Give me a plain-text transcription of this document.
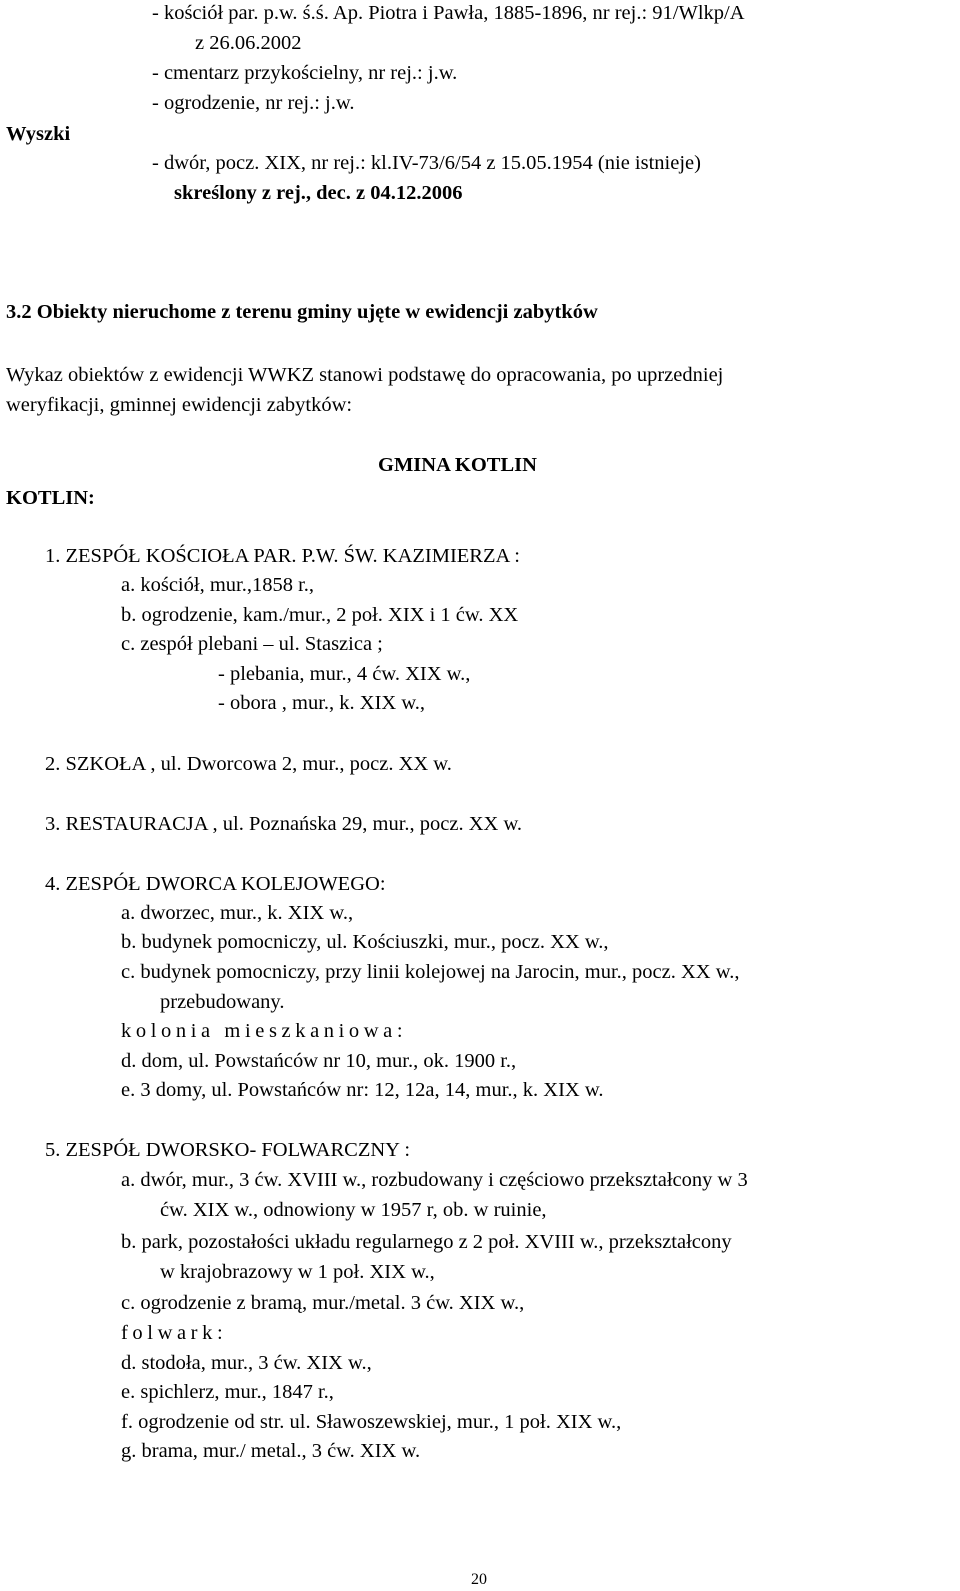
Wyszki
- kościół par. p.w. ś.ś. Ap. Piotra i Pawła, 1885-1896, nr rej.: 91/Wlkp/A
z 26.06.2002
- cmentarz przykościelny, nr rej.: j.w.
- ogrodzenie, nr rej.: j.w.
- dwór, pocz. XIX, nr rej.: kl.IV-73/6/54 z 15.05.1954 (nie istnieje)
skreślony z rej., dec. z 04.12.2006
3.2 Obiekty nieruchome z terenu gminy ujęte w ewidencji zabytków
Wykaz obiektów z ewidencji WWKZ stanowi podstawę do opracowania, po uprzedniej
weryfikacji, gminnej ewidencji zabytków:
GMINA KOTLIN
KOTLIN:
1. ZESPÓŁ KOŚCIOŁA PAR. P.W. ŚW. KAZIMIERZA :
a. kościół, mur.,1858 r.,
b. ogrodzenie, kam./mur., 2 poł. XIX i 1 ćw. XX
c. zespół plebani – ul. Staszica ;
- plebania, mur., 4 ćw. XIX w.,
- obora , mur., k. XIX w.,
2. SZKOŁA , ul. Dworcowa 2, mur., pocz. XX w.
3. RESTAURACJA , ul. Poznańska 29, mur., pocz. XX w.
4. ZESPÓŁ DWORCA KOLEJOWEGO:
a. dworzec, mur., k. XIX w.,
b. budynek pomocniczy, ul. Kościuszki, mur., pocz. XX w.,
c. budynek pomocniczy, przy linii kolejowej na Jarocin, mur., pocz. XX w.,
przebudowany.
kolonia mieszkaniowa:
d. dom, ul. Powstańców nr 10, mur., ok. 1900 r.,
e. 3 domy, ul. Powstańców nr: 12, 12a, 14, mur., k. XIX w.
5. ZESPÓŁ DWORSKO- FOLWARCZNY :
a. dwór, mur., 3 ćw. XVIII w., rozbudowany i częściowo przekształcony w 3
ćw. XIX w., odnowiony w 1957 r, ob. w ruinie,
b. park, pozostałości układu regularnego z 2 poł. XVIII w., przekształcony
w krajobrazowy w 1 poł. XIX w.,
c. ogrodzenie z bramą, mur./metal. 3 ćw. XIX w.,
folwark:
d. stodoła, mur., 3 ćw. XIX w.,
e. spichlerz, mur., 1847 r.,
f. ogrodzenie od str. ul. Sławoszewskiej, mur., 1 poł. XIX w.,
g. brama, mur./ metal., 3 ćw. XIX w.
20
